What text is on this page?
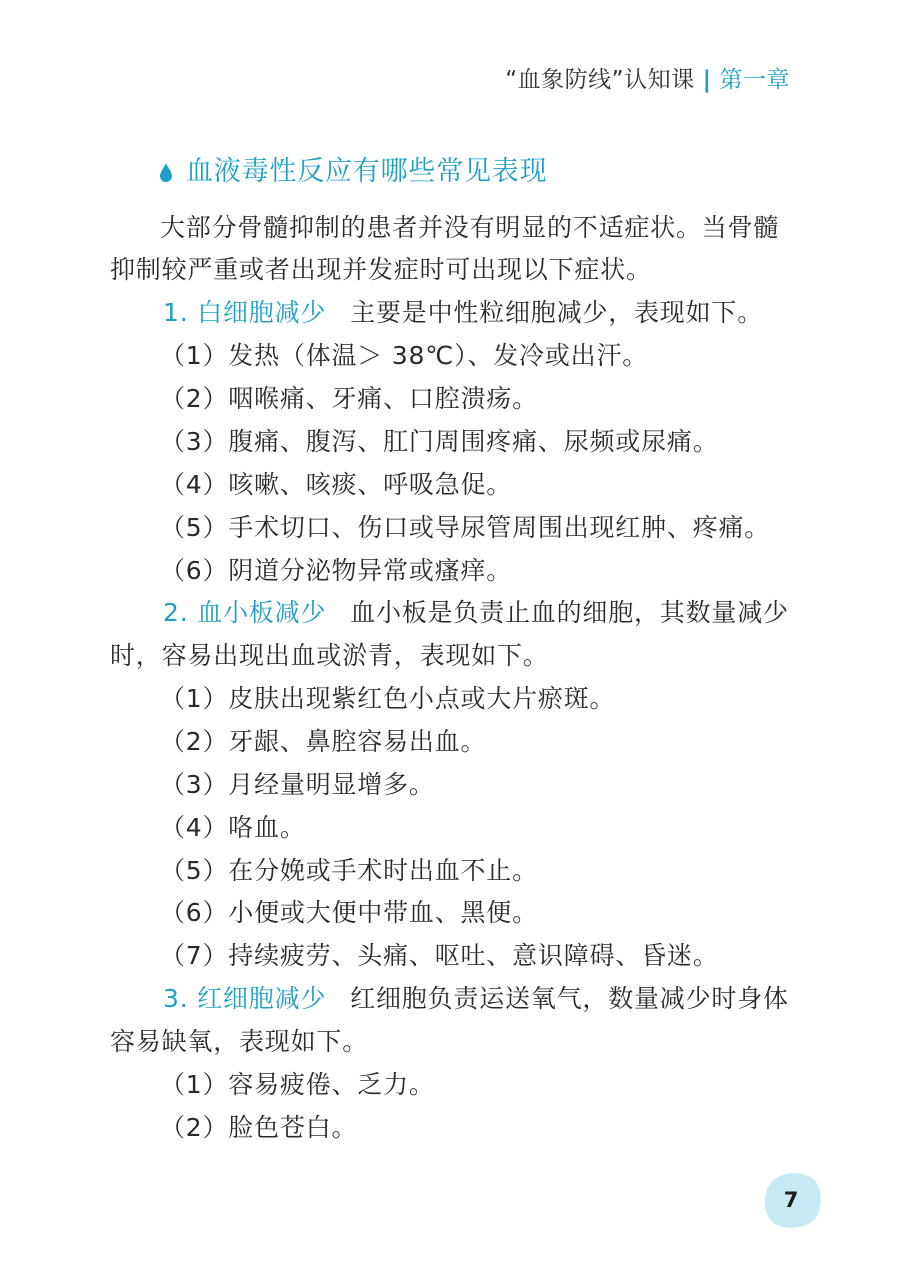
“血象防线”认知课 | 第一章
血液毒性反应有哪些常见表现
大部分骨髓抑制的患者并没有明显的不适症状。当骨髓
抑制较严重或者出现并发症时可出现以下症状。
1. 白细胞减少 主要是中性粒细胞减少，表现如下。
（1）发热（体温＞ 38℃）、发冷或出汗。
（2）咽喉痛、牙痛、口腔溃疡。
（3）腹痛、腹泻、肛门周围疼痛、尿频或尿痛。
（4）咳嗽、咳痰、呼吸急促。
（5）手术切口、伤口或导尿管周围出现红肿、疼痛。
（6）阴道分泌物异常或瘙痒。
2. 血小板减少 血小板是负责止血的细胞，其数量减少
时，容易出现出血或淤青，表现如下。
（1）皮肤出现紫红色小点或大片瘀斑。
（2）牙龈、鼻腔容易出血。
（3）月经量明显增多。
（4）咯血。
（5）在分娩或手术时出血不止。
（6）小便或大便中带血、黑便。
（7）持续疲劳、头痛、呕吐、意识障碍、昏迷。
3. 红细胞减少 红细胞负责运送氧气，数量减少时身体
容易缺氧，表现如下。
（1）容易疲倦、乏力。
（2）脸色苍白。
7
